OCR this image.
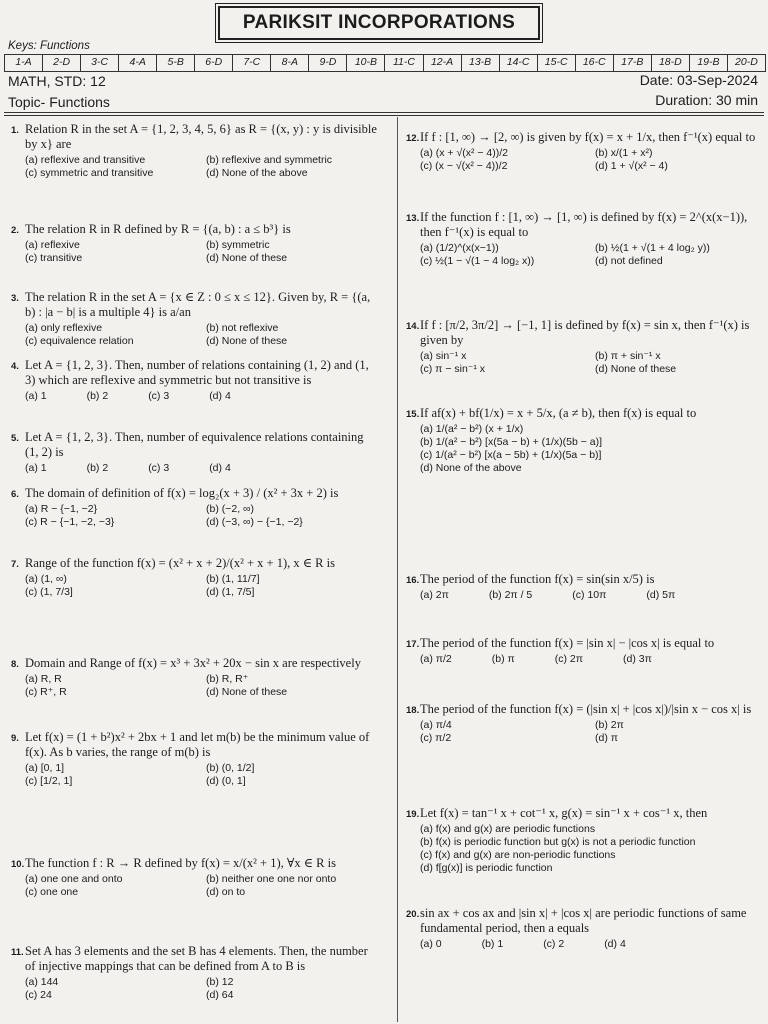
PARIKSIT INCORPORATIONS
Keys: Functions
1-A	2-D	3-C	4-A	5-B	6-D	7-C	8-A	9-D	10-B	11-C	12-A	13-B	14-C	15-C	16-C	17-B	18-D	19-B	20-D
MATH, STD: 12
Topic- Functions
Date: 03-Sep-2024
Duration: 30 min
1. Relation R in the set A = {1, 2, 3, 4, 5, 6} as R = {(x, y) : y is divisible by x} are
(a) reflexive and transitive	(b) reflexive and symmetric
(c) symmetric and transitive	(d) None of the above
2. The relation R in R defined by R = {(a, b) : a ≤ b³} is
(a) reflexive	(b) symmetric
(c) transitive	(d) None of these
3. The relation R in the set A = {x ∈ Z : 0 ≤ x ≤ 12}. Given by, R = {(a, b) : |a − b| is a multiple 4} is a/an
(a) only reflexive	(b) not reflexive
(c) equivalence relation	(d) None of these
4. Let A = {1, 2, 3}. Then, number of relations containing (1, 2) and (1, 3) which are reflexive and symmetric but not transitive is
(a) 1	(b) 2	(c) 3	(d) 4
5. Let A = {1, 2, 3}. Then, number of equivalence relations containing (1, 2) is
(a) 1	(b) 2	(c) 3	(d) 4
6. The domain of definition of f(x) = log₂(x + 3) / (x² + 3x + 2) is
(a) R − {−1, −2}	(b) (−2, ∞)
(c) R − {−1, −2, −3}	(d) (−3, ∞) − {−1, −2}
7. Range of the function f(x) = (x² + x + 2)/(x² + x + 1), x ∈ R is
(a) (1, ∞)	(b) (1, 11/7]
(c) (1, 7/3]	(d) (1, 7/5]
8. Domain and Range of f(x) = x³ + 3x² + 20x − sin x are respectively
(a) R, R	(b) R, R⁺
(c) R⁺, R	(d) None of these
9. Let f(x) = (1 + b²)x² + 2bx + 1 and let m(b) be the minimum value of f(x). As b varies, the range of m(b) is
(a) [0, 1]	(b) (0, 1/2]
(c) [1/2, 1]	(d) (0, 1]
10. The function f : R → R defined by f(x) = x/(x² + 1), ∀x ∈ R is
(a) one one and onto	(b) neither one one nor onto
(c) one one	(d) on to
11. Set A has 3 elements and the set B has 4 elements. Then, the number of injective mappings that can be defined from A to B is
(a) 144	(b) 12
(c) 24	(d) 64
12. If f : [1, ∞) → [2, ∞) is given by f(x) = x + 1/x, then f⁻¹(x) equal to
(a) (x + √(x² − 4))/2	(b) x/(1 + x²)
(c) (x − √(x² − 4))/2	(d) 1 + √(x² − 4)
13. If the function f : [1, ∞) → [1, ∞) is defined by f(x) = 2^(x(x−1)), then f⁻¹(x) is equal to
(a) (1/2)^(x(x−1))	(b) ½(1 + √(1 + 4 log₂ y))
(c) ½(1 − √(1 − 4 log₂ x))	(d) not defined
14. If f : [π/2, 3π/2] → [−1, 1] is defined by f(x) = sin x, then f⁻¹(x) is given by
(a) sin⁻¹ x	(b) π + sin⁻¹ x
(c) π − sin⁻¹ x	(d) None of these
15. If af(x) + bf(1/x) = x + 5/x, (a ≠ b), then f(x) is equal to
(a) 1/(a² − b²) (x + 1/x)
(b) 1/(a² − b²) [x(5a − b) + (1/x)(5b − a)]
(c) 1/(a² − b²) [x(a − 5b) + (1/x)(5a − b)]
(d) None of the above
16. The period of the function f(x) = sin(sin x/5) is
(a) 2π	(b) 2π / 5	(c) 10π	(d) 5π
17. The period of the function f(x) = |sin x| − |cos x| is equal to
(a) π/2	(b) π	(c) 2π	(d) 3π
18. The period of the function f(x) = (|sin x| + |cos x|)/|sin x − cos x| is
(a) π/4	(b) 2π
(c) π/2	(d) π
19. Let f(x) = tan⁻¹ x + cot⁻¹ x, g(x) = sin⁻¹ x + cos⁻¹ x, then
(a) f(x) and g(x) are periodic functions
(b) f(x) is periodic function but g(x) is not a periodic function
(c) f(x) and g(x) are non-periodic functions
(d) f[g(x)] is periodic function
20. sin ax + cos ax and |sin x| + |cos x| are periodic functions of same fundamental period, then a equals
(a) 0	(b) 1	(c) 2	(d) 4
